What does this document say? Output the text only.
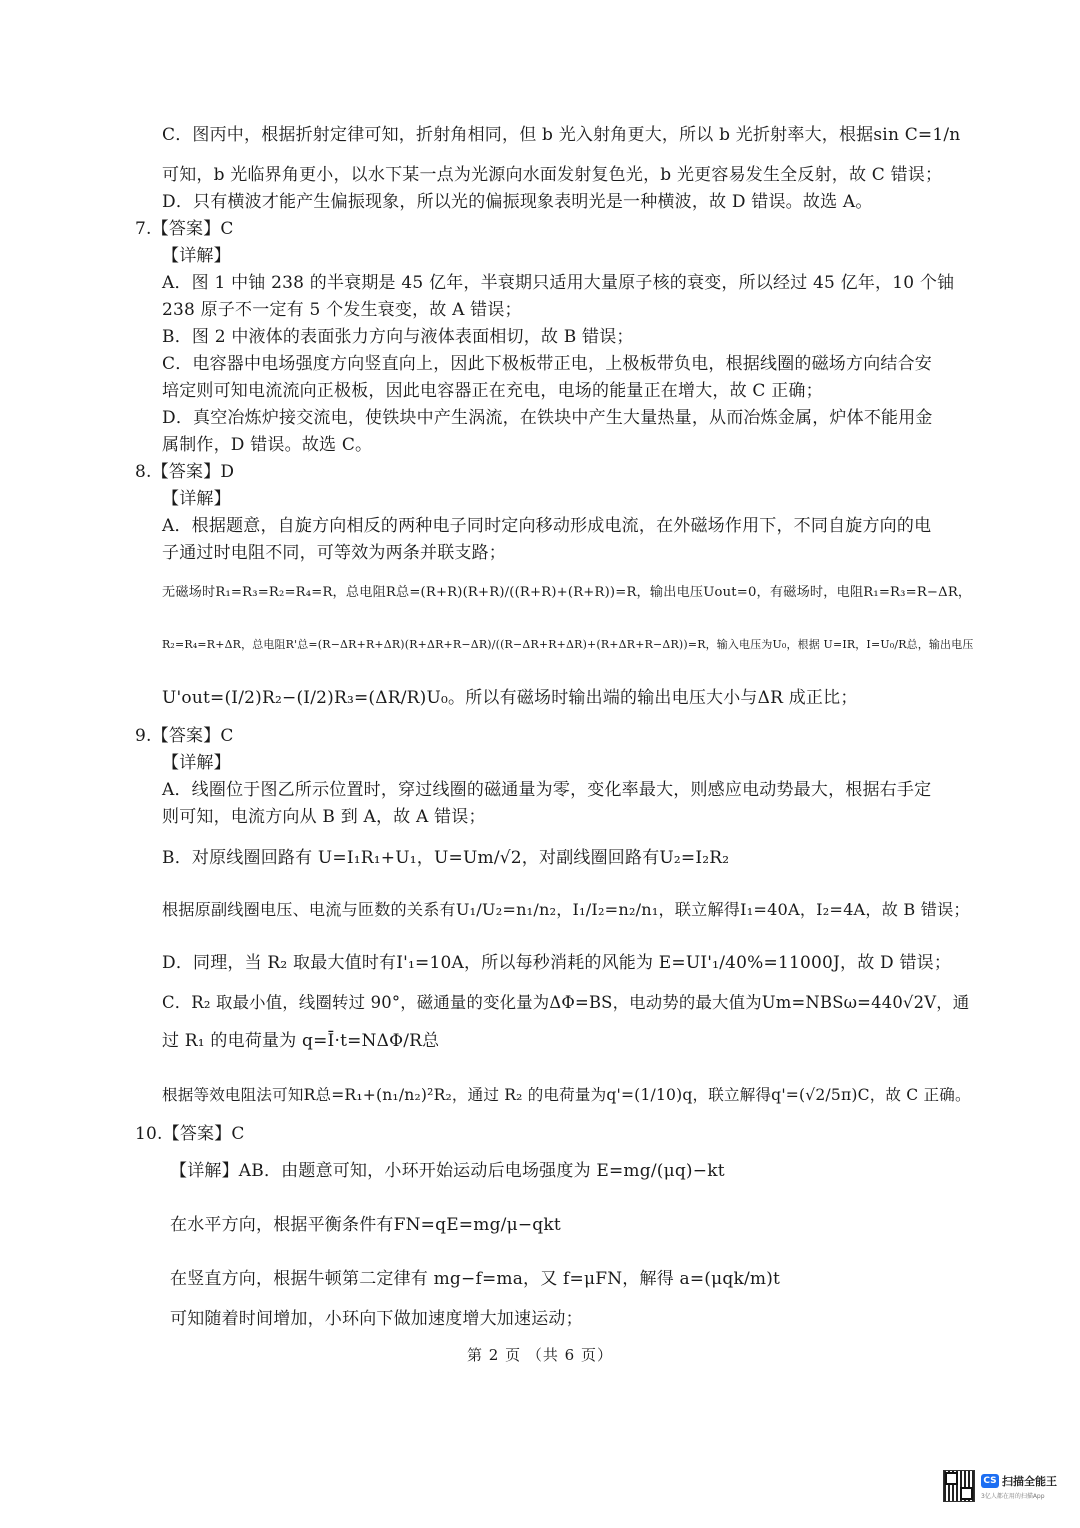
C．图丙中，根据折射定律可知，折射角相同，但 b 光入射角更大，所以 b 光折射率大，根据sin C=1/n
可知，b 光临界角更小，以水下某一点为光源向水面发射复色光，b 光更容易发生全反射，故 C 错误；
D．只有横波才能产生偏振现象，所以光的偏振现象表明光是一种横波，故 D 错误。故选 A。
7.【答案】C
【详解】
A．图 1 中铀 238 的半衰期是 45 亿年，半衰期只适用大量原子核的衰变，所以经过 45 亿年，10 个铀
238 原子不一定有 5 个发生衰变，故 A 错误；
B．图 2 中液体的表面张力方向与液体表面相切，故 B 错误；
C．电容器中电场强度方向竖直向上，因此下极板带正电，上极板带负电，根据线圈的磁场方向结合安
培定则可知电流流向正极板，因此电容器正在充电，电场的能量正在增大，故 C 正确；
D．真空冶炼炉接交流电，使铁块中产生涡流，在铁块中产生大量热量，从而冶炼金属，炉体不能用金
属制作，D 错误。故选 C。
8.【答案】D
【详解】
A．根据题意，自旋方向相反的两种电子同时定向移动形成电流，在外磁场作用下，不同自旋方向的电
子通过时电阻不同，可等效为两条并联支路；
无磁场时R₁=R₃=R₂=R₄=R，总电阻R总=(R+R)(R+R)/((R+R)+(R+R))=R，输出电压Uout=0，有磁场时，电阻R₁=R₃=R−ΔR，
R₂=R₄=R+ΔR，总电阻R'总=(R−ΔR+R+ΔR)(R+ΔR+R−ΔR)/((R−ΔR+R+ΔR)+(R+ΔR+R−ΔR))=R，输入电压为U₀，根据 U=IR，I=U₀/R总，输出电压
U'out=(I/2)R₂−(I/2)R₃=(ΔR/R)U₀。所以有磁场时输出端的输出电压大小与ΔR 成正比；
9.【答案】C
【详解】
A．线圈位于图乙所示位置时，穿过线圈的磁通量为零，变化率最大，则感应电动势最大，根据右手定
则可知，电流方向从 B 到 A，故 A 错误；
B．对原线圈回路有 U=I₁R₁+U₁，U=Um/√2，对副线圈回路有U₂=I₂R₂
根据原副线圈电压、电流与匝数的关系有U₁/U₂=n₁/n₂，I₁/I₂=n₂/n₁，联立解得I₁=40A，I₂=4A，故 B 错误；
D．同理，当 R₂ 取最大值时有I'₁=10A，所以每秒消耗的风能为 E=UI'₁/40%=11000J，故 D 错误；
C．R₂ 取最小值，线圈转过 90°，磁通量的变化量为ΔΦ=BS，电动势的最大值为Um=NBSω=440√2V，通
过 R₁ 的电荷量为 q=Ī·t=NΔΦ/R总
根据等效电阻法可知R总=R₁+(n₁/n₂)²R₂，通过 R₂ 的电荷量为q'=(1/10)q，联立解得q'=(√2/5π)C，故 C 正确。
10.【答案】C
【详解】AB．由题意可知，小环开始运动后电场强度为 E=mg/(μq)−kt
在水平方向，根据平衡条件有FN=qE=mg/μ−qkt
在竖直方向，根据牛顿第二定律有 mg−f=ma，又 f=μFN，解得 a=(μqk/m)t
可知随着时间增加，小环向下做加速度增大加速运动；
第 2 页 （共 6 页）
CS 扫描全能王
3亿人都在用的扫描App
